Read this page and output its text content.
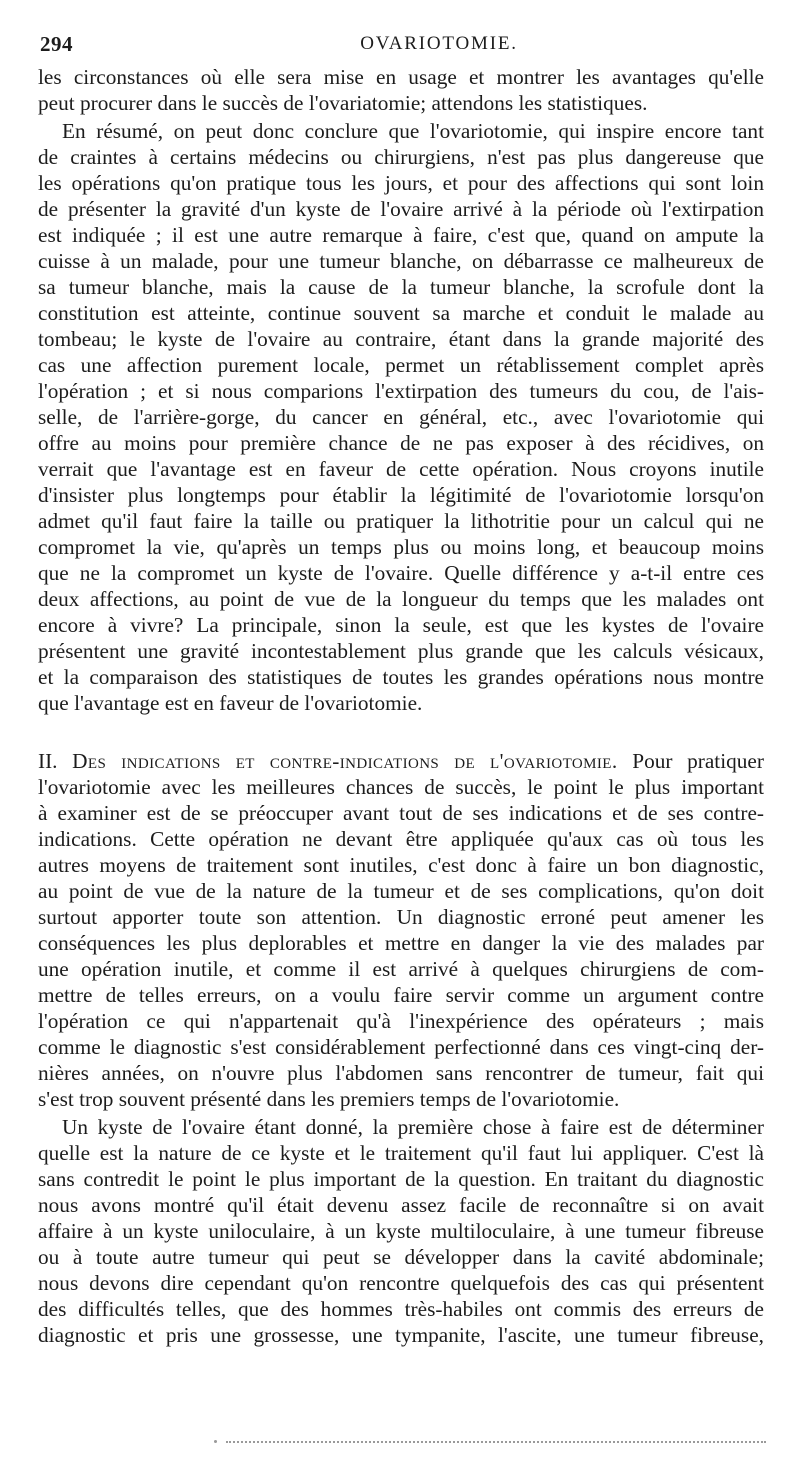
294	OVARIOTOMIE.
les circonstances où elle sera mise en usage et montrer les avantages qu'elle
peut procurer dans le succès de l'ovariatomie; attendons les statistiques.
En résumé, on peut donc conclure que l'ovariotomie, qui inspire encore tant
de craintes à certains médecins ou chirurgiens, n'est pas plus dangereuse que
les opérations qu'on pratique tous les jours, et pour des affections qui sont loin
de présenter la gravité d'un kyste de l'ovaire arrivé à la période où l'extirpation
est indiquée ; il est une autre remarque à faire, c'est que, quand on ampute la
cuisse à un malade, pour une tumeur blanche, on débarrasse ce malheureux de
sa tumeur blanche, mais la cause de la tumeur blanche, la scrofule dont la
constitution est atteinte, continue souvent sa marche et conduit le malade au
tombeau; le kyste de l'ovaire au contraire, étant dans la grande majorité des
cas une affection purement locale, permet un rétablissement complet après
l'opération ; et si nous comparions l'extirpation des tumeurs du cou, de l'ais-
selle, de l'arrière-gorge, du cancer en général, etc., avec l'ovariotomie qui
offre au moins pour première chance de ne pas exposer à des récidives, on
verrait que l'avantage est en faveur de cette opération. Nous croyons inutile
d'insister plus longtemps pour établir la légitimité de l'ovariotomie lorsqu'on
admet qu'il faut faire la taille ou pratiquer la lithotritie pour un calcul qui ne
compromet la vie, qu'après un temps plus ou moins long, et beaucoup moins
que ne la compromet un kyste de l'ovaire. Quelle différence y a-t-il entre ces
deux affections, au point de vue de la longueur du temps que les malades ont
encore à vivre? La principale, sinon la seule, est que les kystes de l'ovaire
présentent une gravité incontestablement plus grande que les calculs vésicaux,
et la comparaison des statistiques de toutes les grandes opérations nous montre
que l'avantage est en faveur de l'ovariotomie.
II. Des indications et contre-indications de l'ovariotomie. Pour pratiquer
l'ovariotomie avec les meilleures chances de succès, le point le plus important
à examiner est de se préoccuper avant tout de ses indications et de ses contre-
indications. Cette opération ne devant être appliquée qu'aux cas où tous les
autres moyens de traitement sont inutiles, c'est donc à faire un bon diagnostic,
au point de vue de la nature de la tumeur et de ses complications, qu'on doit
surtout apporter toute son attention. Un diagnostic erroné peut amener les
conséquences les plus deplorables et mettre en danger la vie des malades par
une opération inutile, et comme il est arrivé à quelques chirurgiens de com-
mettre de telles erreurs, on a voulu faire servir comme un argument contre
l'opération ce qui n'appartenait qu'à l'inexpérience des opérateurs ; mais
comme le diagnostic s'est considérablement perfectionné dans ces vingt-cinq der-
nières années, on n'ouvre plus l'abdomen sans rencontrer de tumeur, fait qui
s'est trop souvent présenté dans les premiers temps de l'ovariotomie.
Un kyste de l'ovaire étant donné, la première chose à faire est de déterminer
quelle est la nature de ce kyste et le traitement qu'il faut lui appliquer. C'est là
sans contredit le point le plus important de la question. En traitant du diagnostic
nous avons montré qu'il était devenu assez facile de reconnaître si on avait
affaire à un kyste uniloculaire, à un kyste multiloculaire, à une tumeur fibreuse
ou à toute autre tumeur qui peut se développer dans la cavité abdominale;
nous devons dire cependant qu'on rencontre quelquefois des cas qui présentent
des difficultés telles, que des hommes très-habiles ont commis des erreurs de
diagnostic et pris une grossesse, une tympanite, l'ascite, une tumeur fibreuse,
